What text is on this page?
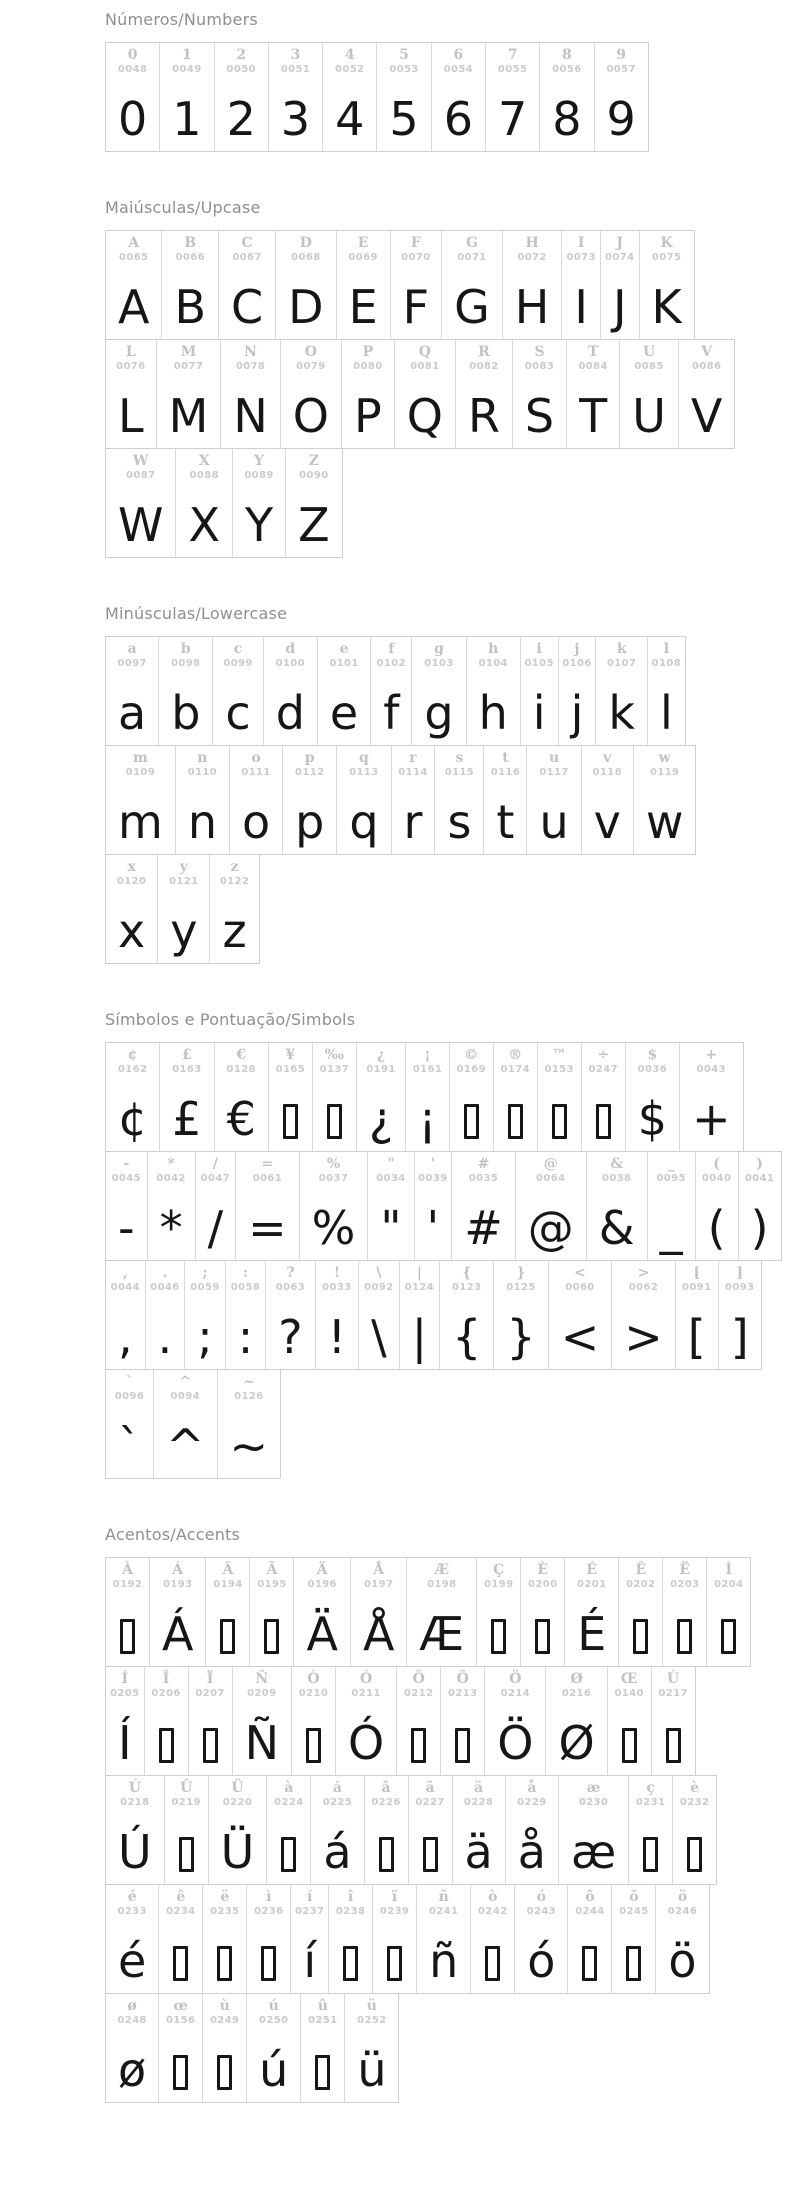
Números/Numbers
0
0048
0
1
0049
1
2
0050
2
3
0051
3
4
0052
4
5
0053
5
6
0054
6
7
0055
7
8
0056
8
9
0057
9
Maiúsculas/Upcase
A
0065
A
B
0066
B
C
0067
C
D
0068
D
E
0069
E
F
0070
F
G
0071
G
H
0072
H
I
0073
I
J
0074
J
K
0075
K
L
0076
L
M
0077
M
N
0078
N
O
0079
O
P
0080
P
Q
0081
Q
R
0082
R
S
0083
S
T
0084
T
U
0085
U
V
0086
V
W
0087
W
X
0088
X
Y
0089
Y
Z
0090
Z
Minúsculas/Lowercase
a
0097
a
b
0098
b
c
0099
c
d
0100
d
e
0101
e
f
0102
f
g
0103
g
h
0104
h
i
0105
i
j
0106
j
k
0107
k
l
0108
l
m
0109
m
n
0110
n
o
0111
o
p
0112
p
q
0113
q
r
0114
r
s
0115
s
t
0116
t
u
0117
u
v
0118
v
w
0119
w
x
0120
x
y
0121
y
z
0122
z
Símbolos e Pontuação/Simbols
¢
0162
¢
£
0163
£
€
0128
€
¥
0165
‰
0137
¿
0191
¿
¡
0161
¡
©
0169
®
0174
™
0153
÷
0247
$
0036
$
+
0043
+
-
0045
-
*
0042
*
/
0047
/
=
0061
=
%
0037
%
"
0034
"
'
0039
'
#
0035
#
@
0064
@
&
0038
&
_
0095
_
(
0040
(
)
0041
)
,
0044
,
.
0046
.
;
0059
;
:
0058
:
?
0063
?
!
0033
!
\
0092
\
|
0124
|
{
0123
{
}
0125
}
<
0060
<
>
0062
>
[
0091
[
]
0093
]
`
0096
`
^
0094
^
~
0126
~
Acentos/Accents
À
0192
Á
0193
Á
Â
0194
Ã
0195
Ä
0196
Ä
Å
0197
Å
Æ
0198
Æ
Ç
0199
È
0200
É
0201
É
Ê
0202
Ë
0203
Ì
0204
Í
0205
Í
Î
0206
Ï
0207
Ñ
0209
Ñ
Ò
0210
Ó
0211
Ó
Ô
0212
Õ
0213
Ö
0214
Ö
Ø
0216
Ø
Œ
0140
Ù
0217
Ú
0218
Ú
Û
0219
Ü
0220
Ü
à
0224
á
0225
á
â
0226
ã
0227
ä
0228
ä
å
0229
å
æ
0230
æ
ç
0231
è
0232
é
0233
é
ê
0234
ë
0235
ì
0236
í
0237
í
î
0238
ï
0239
ñ
0241
ñ
ò
0242
ó
0243
ó
ô
0244
õ
0245
ö
0246
ö
ø
0248
ø
œ
0156
ù
0249
ú
0250
ú
û
0251
ü
0252
ü
